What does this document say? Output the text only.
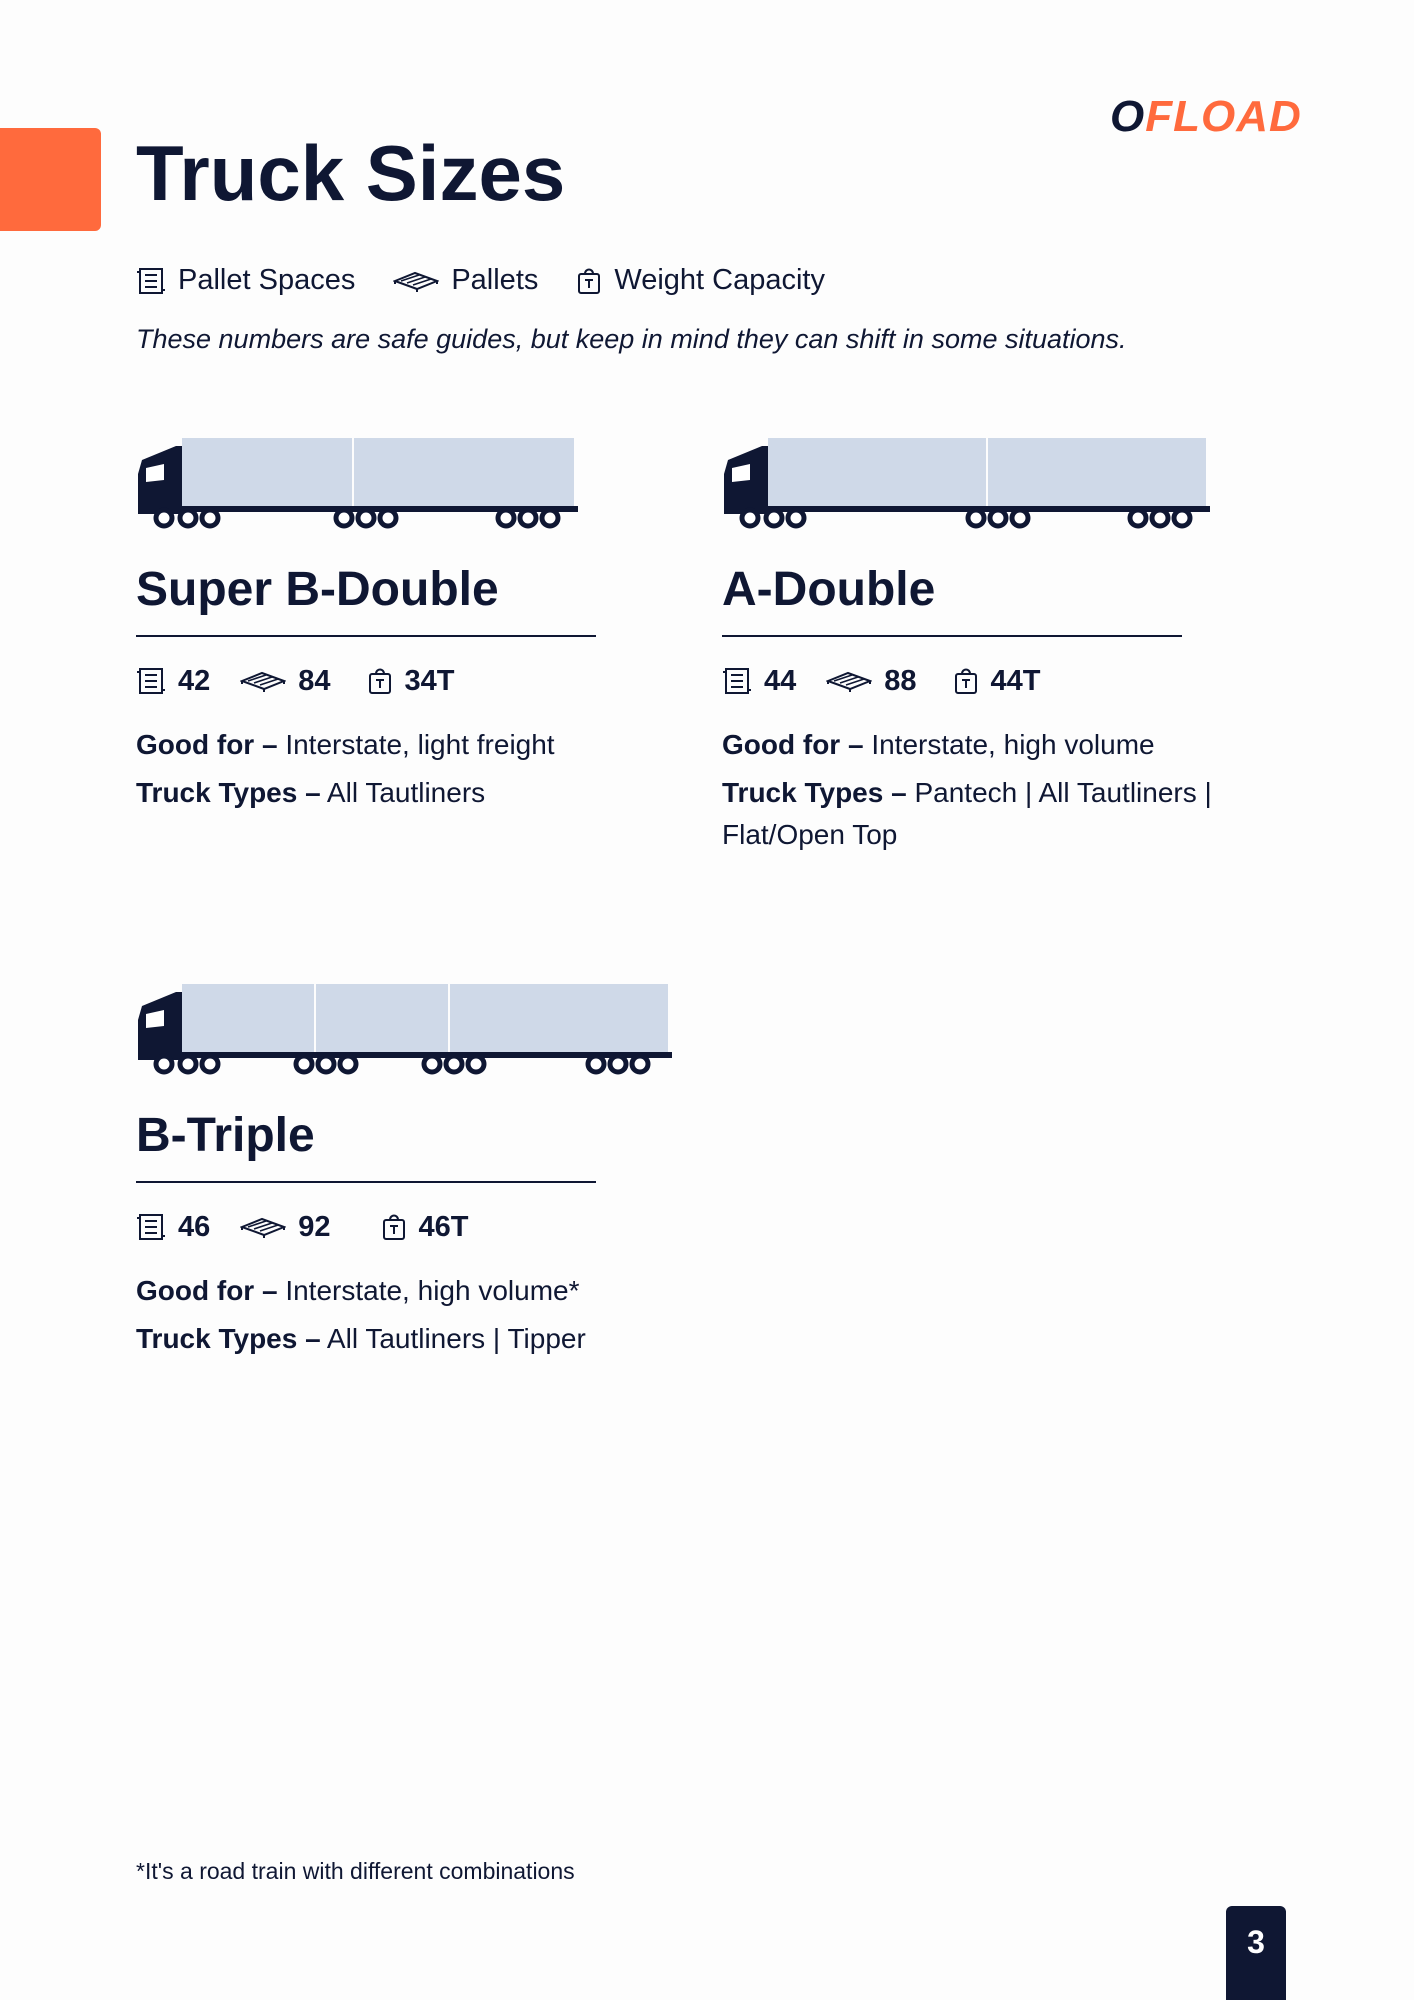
OFLOAD
Truck Sizes
Pallet Spaces	Pallets	Weight Capacity
These numbers are safe guides, but keep in mind they can shift in some situations.
Super B-Double
42	84	34T

Good for – Interstate, light freight

Truck Types – All Tautliners

A-Double
44	88	44T

Good for – Interstate, high volume

Truck Types – Pantech | All Tautliners | Flat/Open Top

B-Triple
46	92	46T

Good for – Interstate, high volume*

Truck Types – All Tautliners | Tipper

*It's a road train with different combinations
3
